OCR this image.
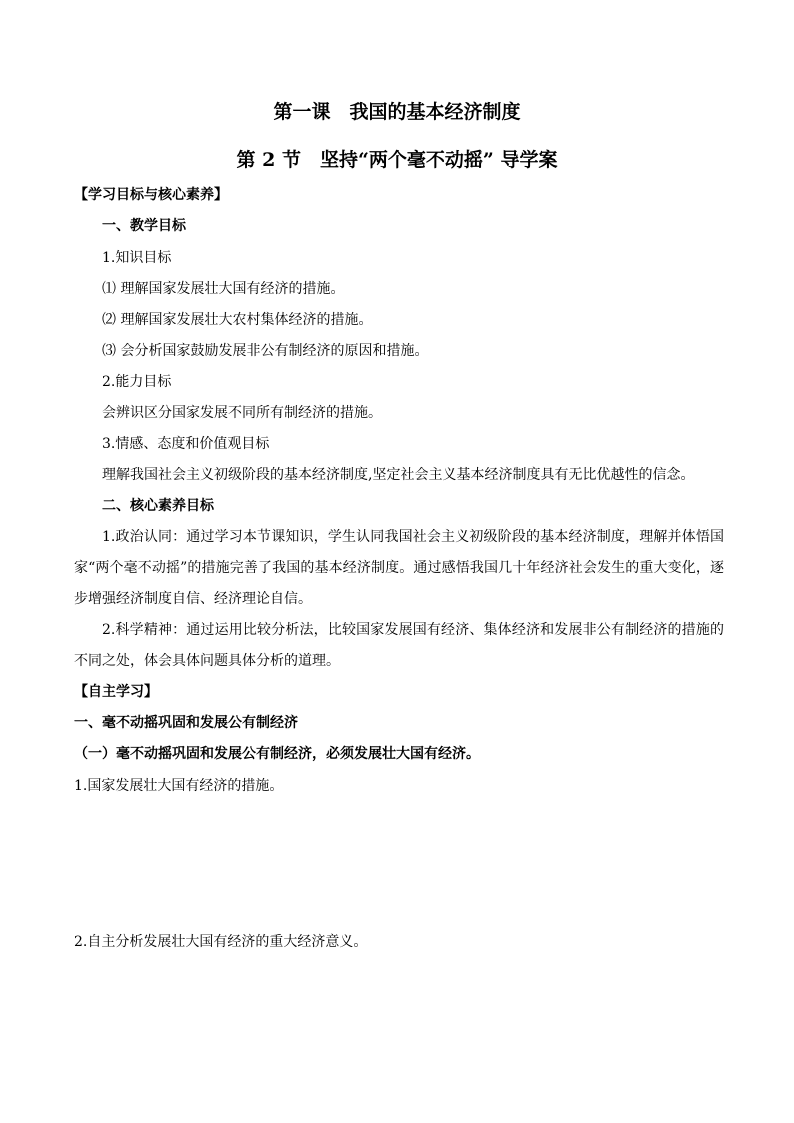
第一课　我国的基本经济制度
第 2 节　坚持“两个毫不动摇” 导学案
【学习目标与核心素养】
一、教学目标
1.知识目标
⑴ 理解国家发展壮大国有经济的措施。
⑵ 理解国家发展壮大农村集体经济的措施。
⑶ 会分析国家鼓励发展非公有制经济的原因和措施。
2.能力目标
会辨识区分国家发展不同所有制经济的措施。
3.情感、态度和价值观目标
理解我国社会主义初级阶段的基本经济制度,坚定社会主义基本经济制度具有无比优越性的信念。
二、核心素养目标
1.政治认同：通过学习本节课知识，学生认同我国社会主义初级阶段的基本经济制度，理解并体悟国家“两个毫不动摇”的措施完善了我国的基本经济制度。通过感悟我国几十年经济社会发生的重大变化，逐步增强经济制度自信、经济理论自信。
2.科学精神：通过运用比较分析法，比较国家发展国有经济、集体经济和发展非公有制经济的措施的不同之处，体会具体问题具体分析的道理。
【自主学习】
一、毫不动摇巩固和发展公有制经济
（一）毫不动摇巩固和发展公有制经济，必须发展壮大国有经济。
1.国家发展壮大国有经济的措施。
2.自主分析发展壮大国有经济的重大经济意义。
